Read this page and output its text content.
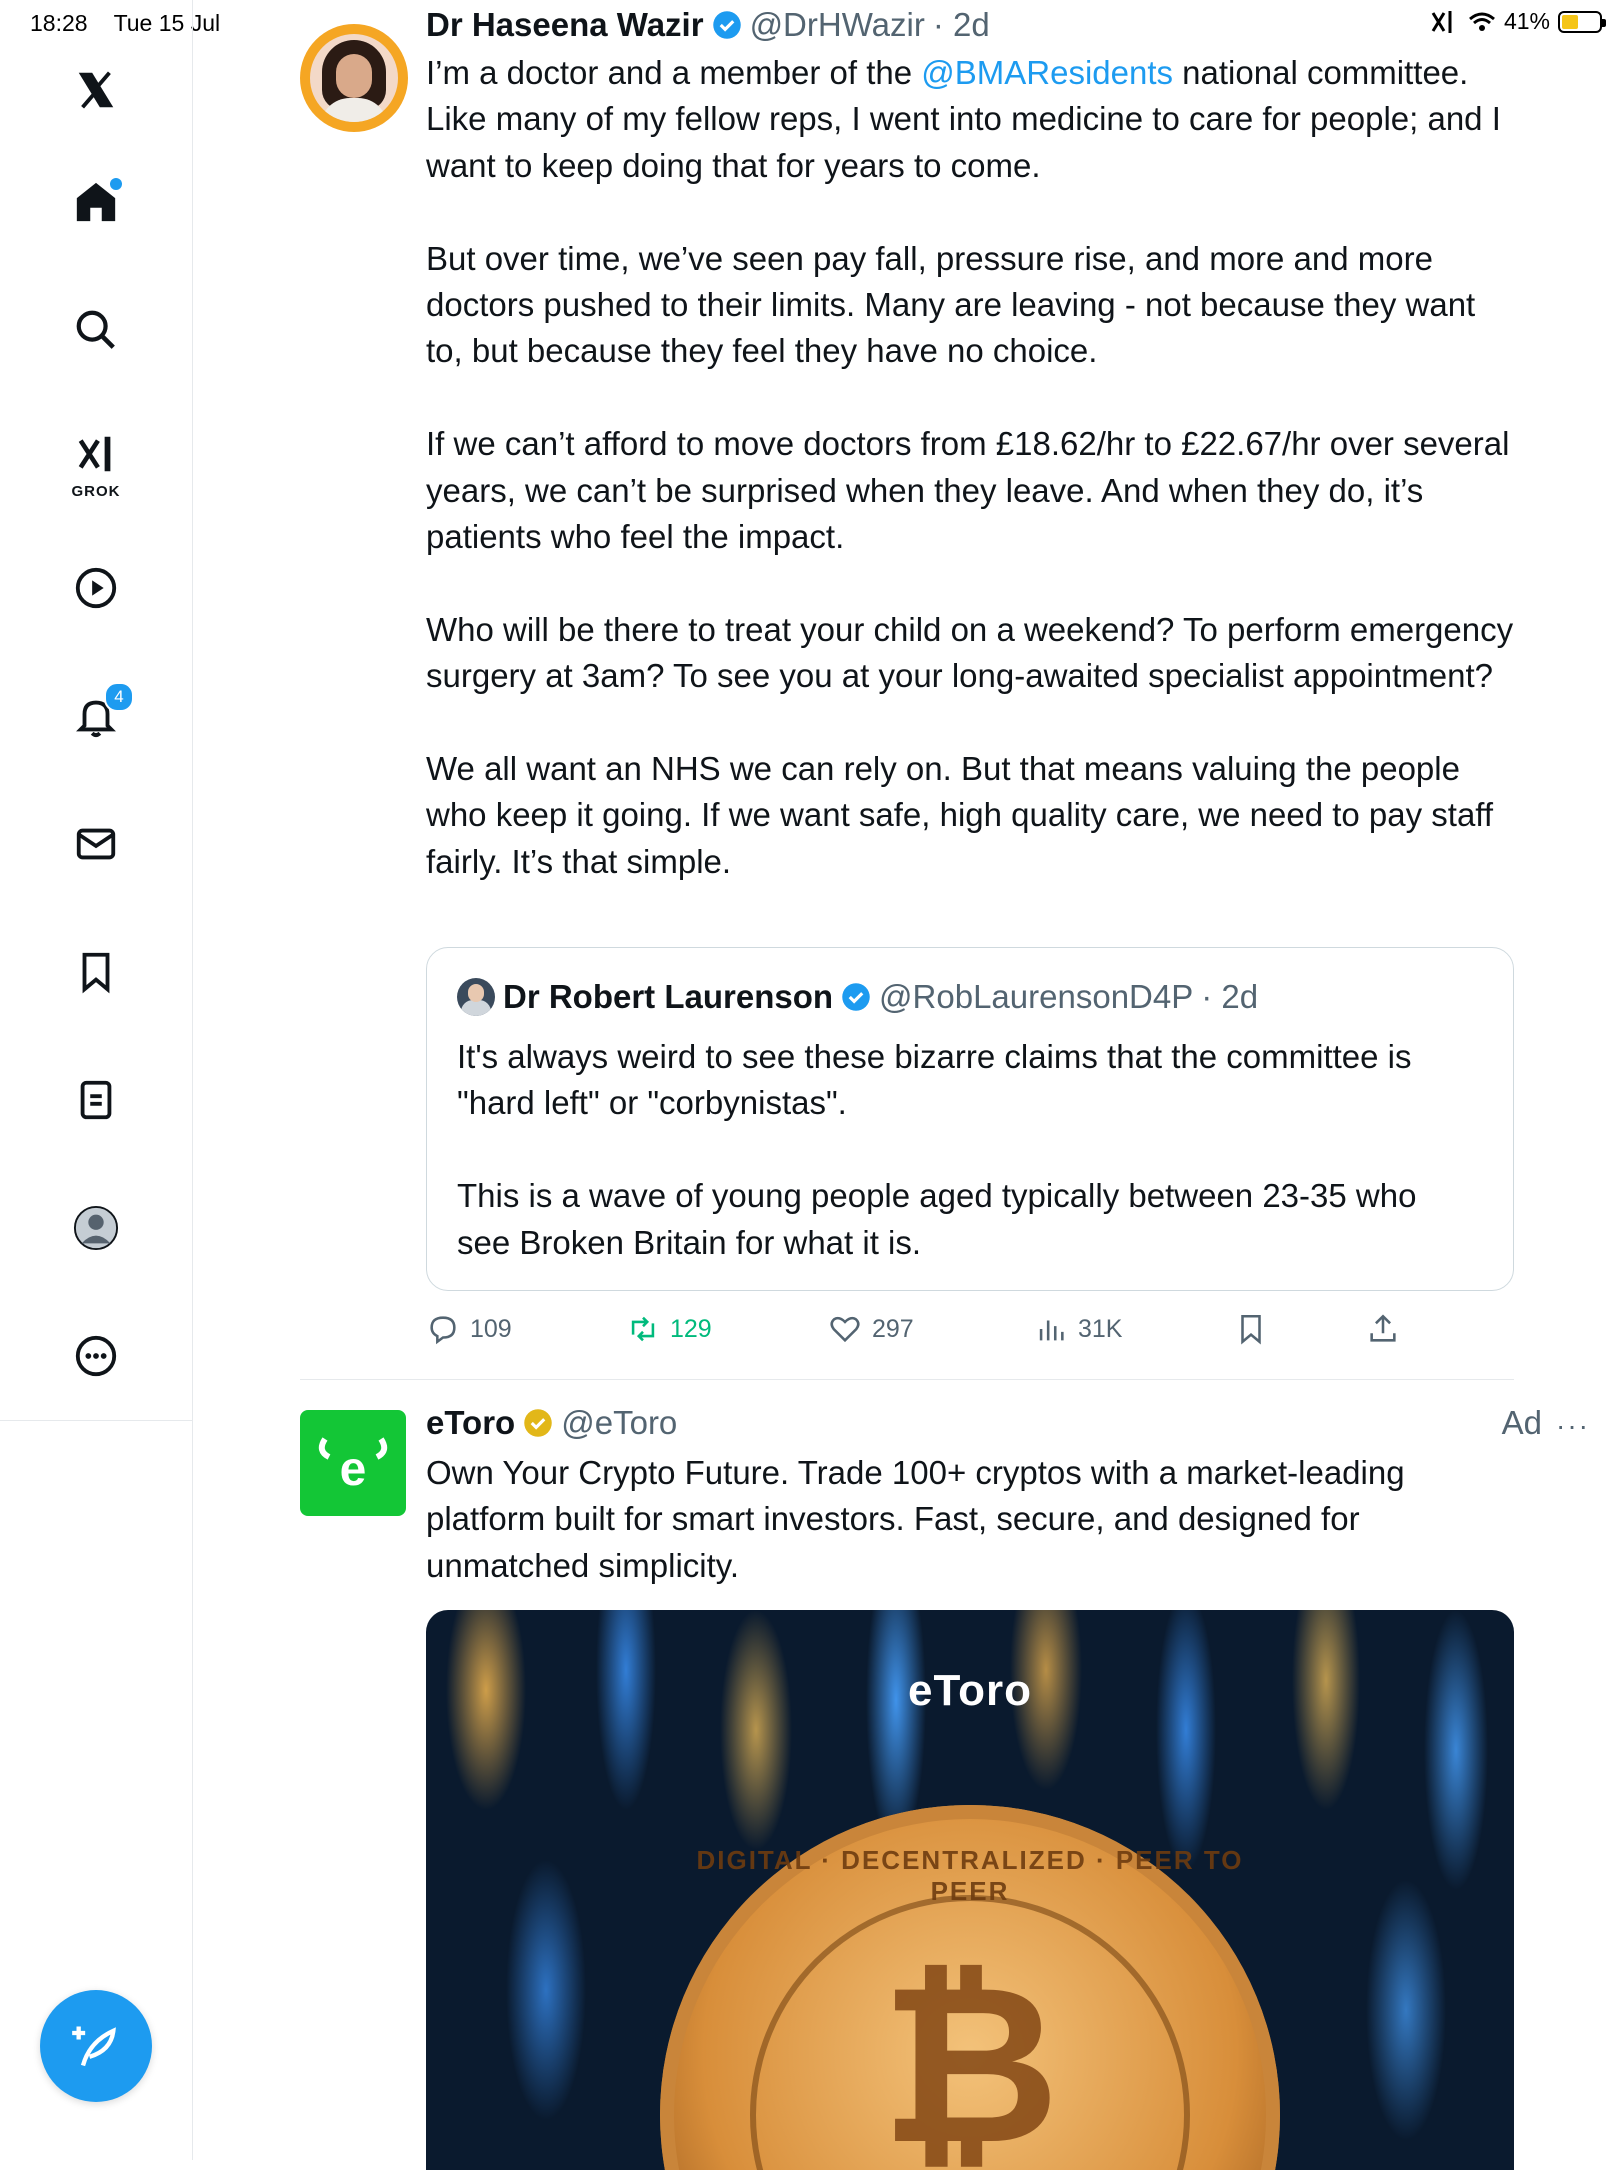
18:28 Tue 15 Jul	41%
GROK
4
Dr Haseena Wazir @DrHWazir · 2d

I’m a doctor and a member of the @BMAResidents national committee. Like many of my fellow reps, I went into medicine to care for people; and I want to keep doing that for years to come.

But over time, we’ve seen pay fall, pressure rise, and more and more doctors pushed to their limits. Many are leaving - not because they want to, but because they feel they have no choice.

If we can’t afford to move doctors from £18.62/hr to £22.67/hr over several years, we can’t be surprised when they leave. And when they do, it’s patients who feel the impact.

Who will be there to treat your child on a weekend? To perform emergency surgery at 3am? To see you at your long-awaited specialist appointment?

We all want an NHS we can rely on. But that means valuing the people who keep it going. If we want safe, high quality care, we need to pay staff fairly. It’s that simple.

Dr Robert Laurenson @RobLaurensonD4P · 2d

It's always weird to see these bizarre claims that the committee is "hard left" or "corbynistas".

This is a wave of young people aged typically between 23-35 who see Broken Britain for what it is.

109	129	297	31K
e
eToro @eToro	Ad ···
Own Your Crypto Future. Trade 100+ cryptos with a market-leading platform built for smart investors. Fast, secure, and designed for unmatched simplicity.
eToro
DIGITAL · DECENTRALIZED · PEER TO PEER
₿
